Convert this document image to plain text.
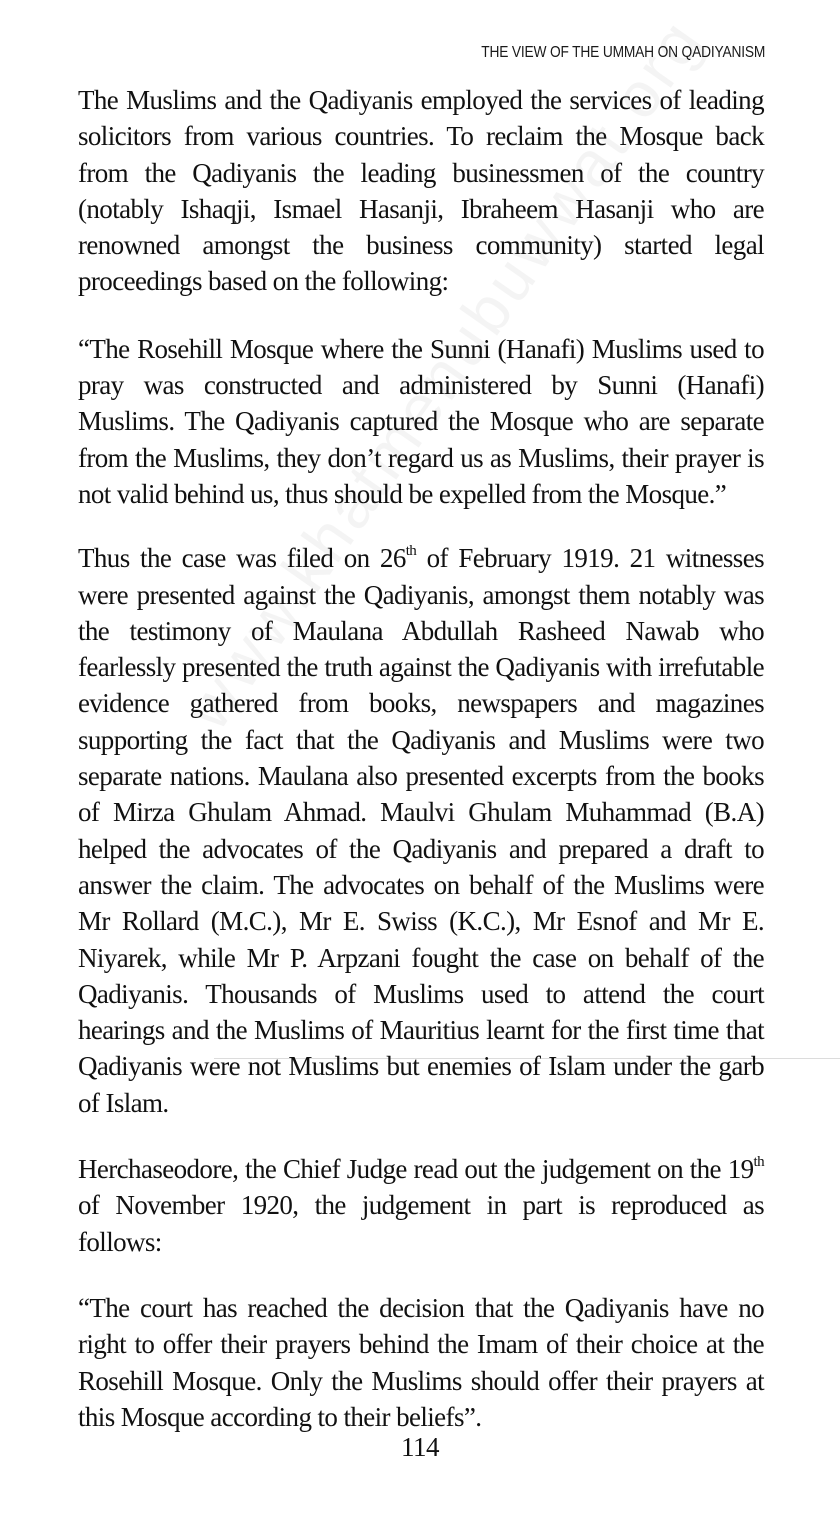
THE VIEW OF THE UMMAH ON QADIYANISM

The Muslims and the Qadiyanis employed the services of leading solicitors from various countries. To reclaim the Mosque back from the Qadiyanis the leading businessmen of the country (notably Ishaqji, Ismael Hasanji, Ibraheem Hasanji who are renowned amongst the business community) started legal proceedings based on the following:

“The Rosehill Mosque where the Sunni (Hanafi) Muslims used to pray was constructed and administered by Sunni (Hanafi) Muslims. The Qadiyanis captured the Mosque who are separate from the Muslims, they don’t regard us as Muslims, their prayer is not valid behind us, thus should be expelled from the Mosque.”

Thus the case was filed on 26th of February 1919. 21 witnesses were presented against the Qadiyanis, amongst them notably was the testimony of Maulana Abdullah Rasheed Nawab who fearlessly presented the truth against the Qadiyanis with irrefutable evidence gathered from books, newspapers and magazines supporting the fact that the Qadiyanis and Muslims were two separate nations. Maulana also presented excerpts from the books of Mirza Ghulam Ahmad. Maulvi Ghulam Muhammad (B.A) helped the advocates of the Qadiyanis and prepared a draft to answer the claim. The advocates on behalf of the Muslims were Mr Rollard (M.C.), Mr E. Swiss (K.C.), Mr Esnof and Mr E. Niyarek, while Mr P. Arpzani fought the case on behalf of the Qadiyanis. Thousands of Muslims used to attend the court hearings and the Muslims of Mauritius learnt for the first time that Qadiyanis were not Muslims but enemies of Islam under the garb of Islam.

Herchaseodore, the Chief Judge read out the judgement on the 19th of November 1920, the judgement in part is reproduced as follows:

“The court has reached the decision that the Qadiyanis have no right to offer their prayers behind the Imam of their choice at the Rosehill Mosque. Only the Muslims should offer their prayers at this Mosque according to their beliefs”.

114
